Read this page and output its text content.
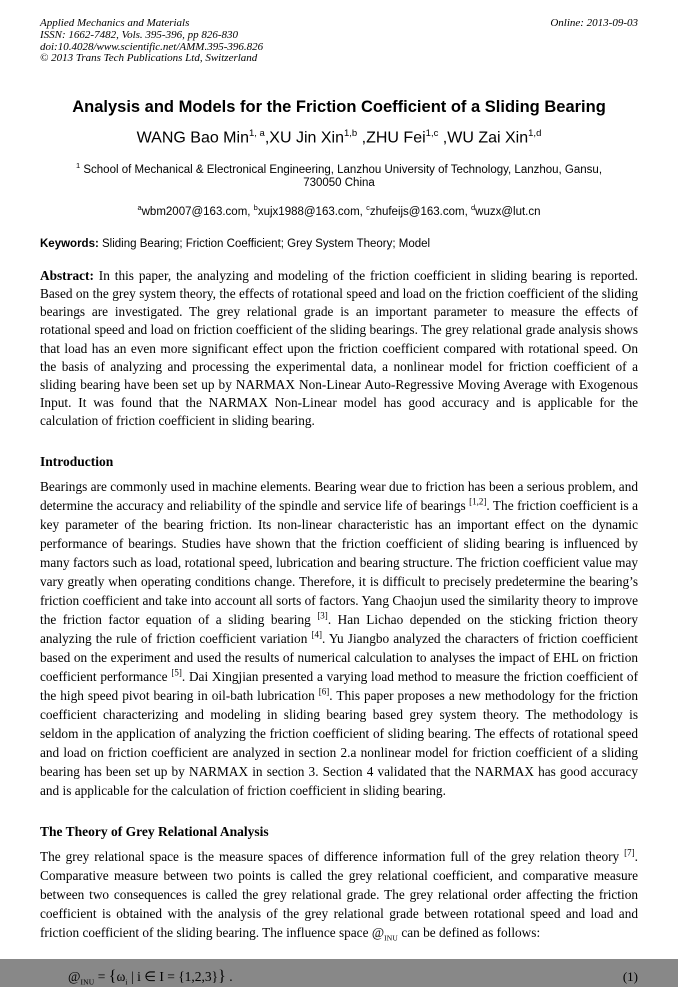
Applied Mechanics and Materials
ISSN: 1662-7482, Vols. 395-396, pp 826-830
doi:10.4028/www.scientific.net/AMM.395-396.826
© 2013 Trans Tech Publications Ltd, Switzerland
Online: 2013-09-03
Analysis and Models for the Friction Coefficient of a Sliding Bearing
WANG Bao Min$^{1, a}$,XU Jin Xin$^{1,b}$ ,ZHU Fei$^{1,c}$ ,WU Zai Xin$^{1,d}$
$^1$ School of Mechanical & Electronical Engineering, Lanzhou University of Technology, Lanzhou, Gansu, 730050 China
$^a$wbm2007@163.com, $^b$xujx1988@163.com, $^c$zhufeijs@163.com, $^d$wuzx@lut.cn
Keywords: Sliding Bearing; Friction Coefficient; Grey System Theory; Model

Abstract: In this paper, the analyzing and modeling of the friction coefficient in sliding bearing is reported. Based on the grey system theory, the effects of rotational speed and load on the friction coefficient of the sliding bearings are investigated. The grey relational grade is an important parameter to measure the effects of rotational speed and load on friction coefficient of the sliding bearings. The grey relational grade analysis shows that load has an even more significant effect upon the friction coefficient compared with rotational speed. On the basis of analyzing and processing the experimental data, a nonlinear model for friction coefficient of a sliding bearing have been set up by NARMAX Non-Linear Auto-Regressive Moving Average with Exogenous Input. It was found that the NARMAX Non-Linear model has good accuracy and is applicable for the calculation of friction coefficient in sliding bearing.

Introduction

Bearings are commonly used in machine elements. Bearing wear due to friction has been a serious problem, and determine the accuracy and reliability of the spindle and service life of bearings [1,2]. The friction coefficient is a key parameter of the bearing friction. Its non-linear characteristic has an important effect on the dynamic performance of bearings. Studies have shown that the friction coefficient of sliding bearing is influenced by many factors such as load, rotational speed, lubrication and bearing structure. The friction coefficient value may vary greatly when operating conditions change. Therefore, it is difficult to precisely predetermine the bearing’s friction coefficient and take into account all sorts of factors. Yang Chaojun used the similarity theory to improve the friction factor equation of a sliding bearing [3]. Han Lichao depended on the sticking friction theory analyzing the rule of friction coefficient variation [4]. Yu Jiangbo analyzed the characters of friction coefficient based on the experiment and used the results of numerical calculation to analyses the impact of EHL on friction coefficient performance [5]. Dai Xingjian presented a varying load method to measure the friction coefficient of the high speed pivot bearing in oil-bath lubrication [6]. This paper proposes a new methodology for the friction coefficient characterizing and modeling in sliding bearing based grey system theory. The methodology is seldom in the application of analyzing the friction coefficient of sliding bearing. The effects of rotational speed and load on friction coefficient are analyzed in section 2.a nonlinear model for friction coefficient of a sliding bearing has been set up by NARMAX in section 3. Section 4 validated that the NARMAX has good accuracy and is applicable for the calculation of friction coefficient in sliding bearing.

The Theory of Grey Relational Analysis

The grey relational space is the measure spaces of difference information full of the grey relation theory [7]. Comparative measure between two points is called the grey relational coefficient, and comparative measure between two consequences is called the grey relational grade. The grey relational order affecting the friction coefficient is obtained with the analysis of the grey relational grade between rotational speed and load and friction coefficient of the sliding bearing. The influence space $@_{INU}$ can be defined as follows:

$@_{INU} = \{\omega_i$ | i ∈ I = {1,2,3}} .	(1)
